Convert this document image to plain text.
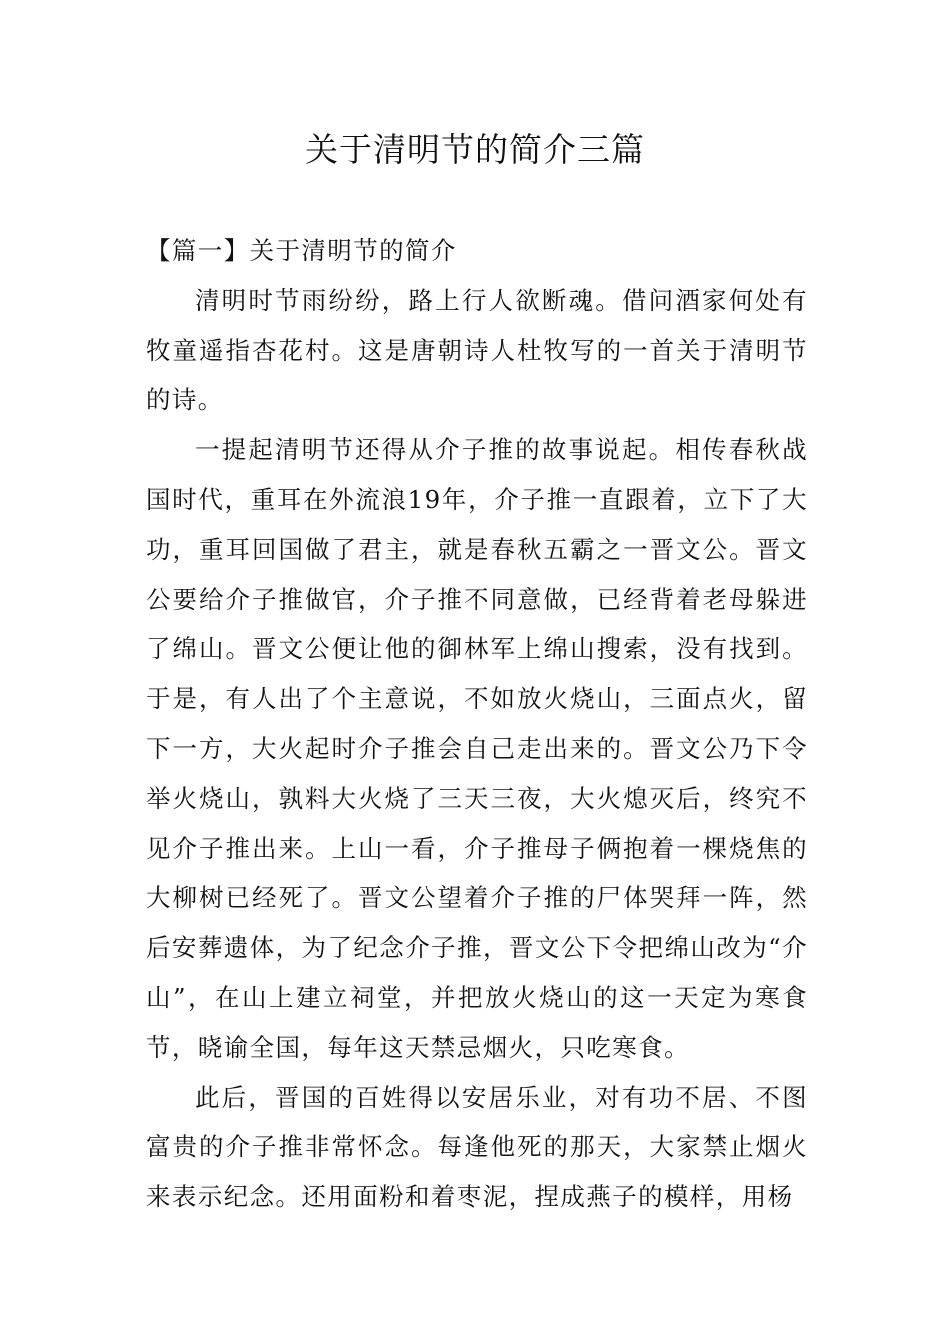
关于清明节的简介三篇
【篇一】关于清明节的简介

清明时节雨纷纷，路上行人欲断魂。借问酒家何处有牧童遥指杏花村。这是唐朝诗人杜牧写的一首关于清明节的诗。

一提起清明节还得从介子推的故事说起。相传春秋战国时代，重耳在外流浪19年，介子推一直跟着，立下了大功，重耳回国做了君主，就是春秋五霸之一晋文公。晋文公要给介子推做官，介子推不同意做，已经背着老母躲进了绵山。晋文公便让他的御林军上绵山搜索，没有找到。于是，有人出了个主意说，不如放火烧山，三面点火，留下一方，大火起时介子推会自己走出来的。晋文公乃下令举火烧山，孰料大火烧了三天三夜，大火熄灭后，终究不见介子推出来。上山一看，介子推母子俩抱着一棵烧焦的大柳树已经死了。晋文公望着介子推的尸体哭拜一阵，然后安葬遗体，为了纪念介子推，晋文公下令把绵山改为“介山”，在山上建立祠堂，并把放火烧山的这一天定为寒食节，晓谕全国，每年这天禁忌烟火，只吃寒食。

此后，晋国的百姓得以安居乐业，对有功不居、不图富贵的介子推非常怀念。每逢他死的那天，大家禁止烟火来表示纪念。还用面粉和着枣泥，捏成燕子的模样，用杨
